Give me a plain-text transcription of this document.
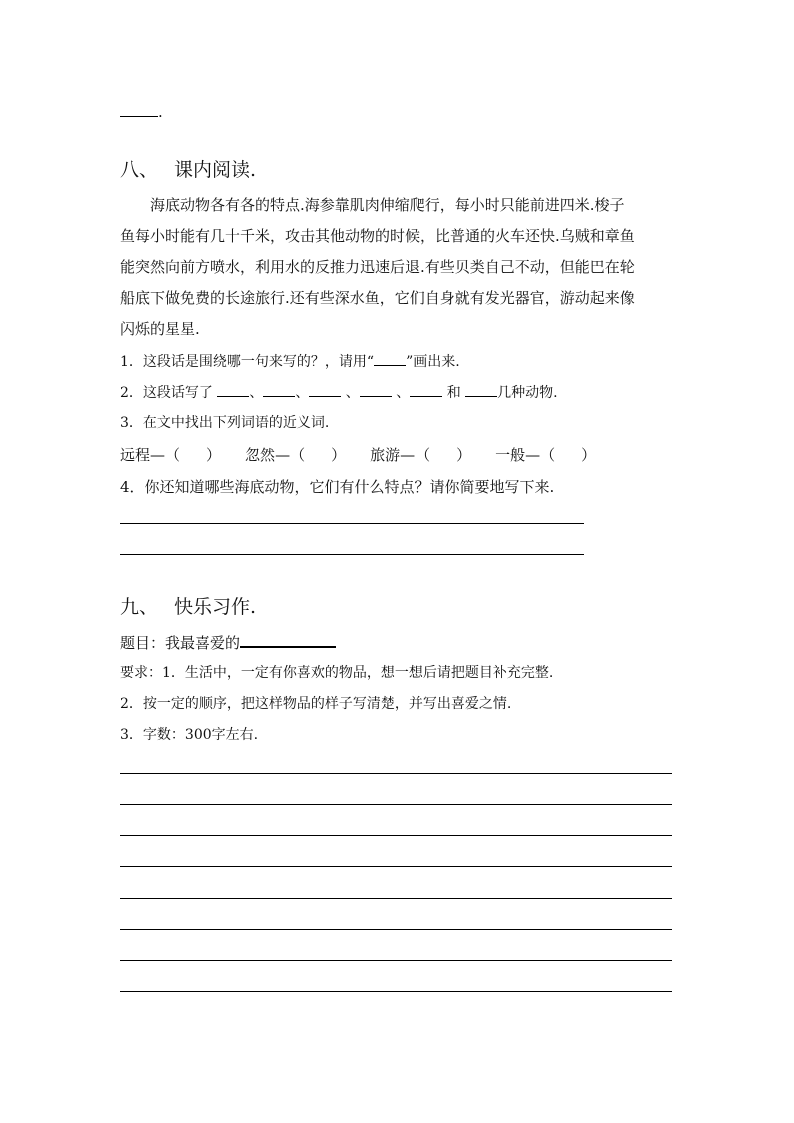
.
八、 课内阅读.
海底动物各有各的特点.海参靠肌肉伸缩爬行，每小时只能前进四米.梭子
鱼每小时能有几十千米，攻击其他动物的时候，比普通的火车还快.乌贼和章鱼
能突然向前方喷水，利用水的反推力迅速后退.有些贝类自己不动，但能巴在轮
船底下做免费的长途旅行.还有些深水鱼，它们自身就有发光器官，游动起来像
闪烁的星星.
1．这段话是围绕哪一句来写的？，请用“ ”画出来.
2．这段话写了 、 、 、 、 和 几种动物.
3．在文中找出下列词语的近义词.
远程—（ ） 忽然—（ ） 旅游—（ ） 一般—（ ）
4．你还知道哪些海底动物，它们有什么特点？请你简要地写下来.
九、 快乐习作.
题目：我最喜爱的
要求：1．生活中，一定有你喜欢的物品，想一想后请把题目补充完整.
2．按一定的顺序，把这样物品的样子写清楚，并写出喜爱之情.
3．字数：300字左右.
